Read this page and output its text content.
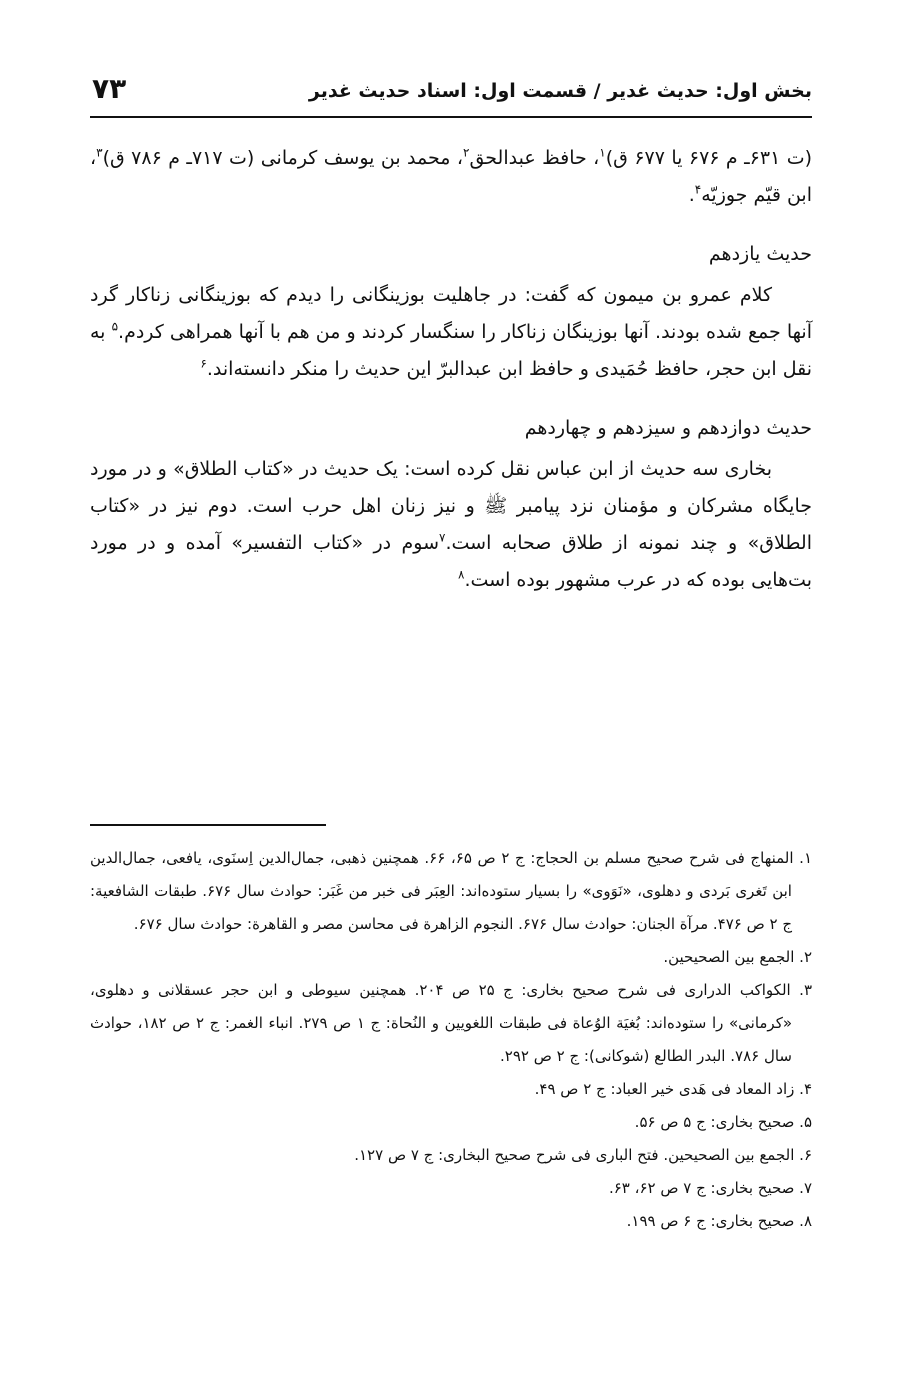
بخش اول: حدیث غدیر / قسمت اول: اسناد حدیث غدیر
۷۳

(ت ۶۳۱ـ م ۶۷۶ یا ۶۷۷ ق)$^۱$، حافظ عبدالحق$^۲$، محمد بن یوسف کرمانی (ت ۷۱۷ـ م ۷۸۶ ق)$^۳$، ابن قیّم جوزیّه$^۴$.

حدیث یازدهم

کلام عمرو بن میمون که گفت: در جاهلیت بوزینگانی را دیدم که بوزینگانی زناکار گرد آنها جمع شده بودند. آنها بوزینگان زناکار را سنگسار کردند و من هم با آنها همراهی کردم.$^۵$ به نقل ابن حجر، حافظ حُمَیدی و حافظ ابن عبدالبرّ این حدیث را منکر دانسته‌اند.$^۶$

حدیث دوازدهم و سیزدهم و چهاردهم

بخاری سه حدیث از ابن عباس نقل کرده است: یک حدیث در «کتاب الطلاق» و در مورد جایگاه مشرکان و مؤمنان نزد پیامبر ﷺ و نیز زنان اهل حرب است. دوم نیز در «کتاب الطلاق» و چند نمونه از طلاق صحابه است.$^۷$سوم در «کتاب التفسیر» آمده و در مورد بت‌هایی بوده که در عرب مشهور بوده است.$^۸$

۱. المنهاج فی شرح صحیح مسلم بن الحجاج: ج ۲ ص ۶۵، ۶۶. همچنین ذهبی، جمال‌الدین اِسنَوی، یافعی، جمال‌الدین ابن تَغری بَردی و دهلوی، «نَوَوی» را بسیار ستوده‌اند: العِبَر فی خبر من غَبَر: حوادث سال ۶۷۶. طبقات الشافعیة: ج ۲ ص ۴۷۶. مرآة الجنان: حوادث سال ۶۷۶. النجوم الزاهرة فی محاسن مصر و القاهرة: حوادث سال ۶۷۶.

۲. الجمع بین الصحیحین.

۳. الکواکب الدراری فی شرح صحیح بخاری: ج ۲۵ ص ۲۰۴. همچنین سیوطی و ابن حجر عسقلانی و دهلوی، «کرمانی» را ستوده‌اند: بُغیَة الوُعاة فی طبقات اللغویین و النُحاة: ج ۱ ص ۲۷۹. انباء الغمر: ج ۲ ص ۱۸۲، حوادث سال ۷۸۶. البدر الطالع (شوکانی): ج ۲ ص ۲۹۲.

۴. زاد المعاد فی هَدی خیر العباد: ج ۲ ص ۴۹.

۵. صحیح بخاری: ج ۵ ص ۵۶.

۶. الجمع بین الصحیحین. فتح الباری فی شرح صحیح البخاری: ج ۷ ص ۱۲۷.

۷. صحیح بخاری: ج ۷ ص ۶۲، ۶۳.

۸. صحیح بخاری: ج ۶ ص ۱۹۹.
